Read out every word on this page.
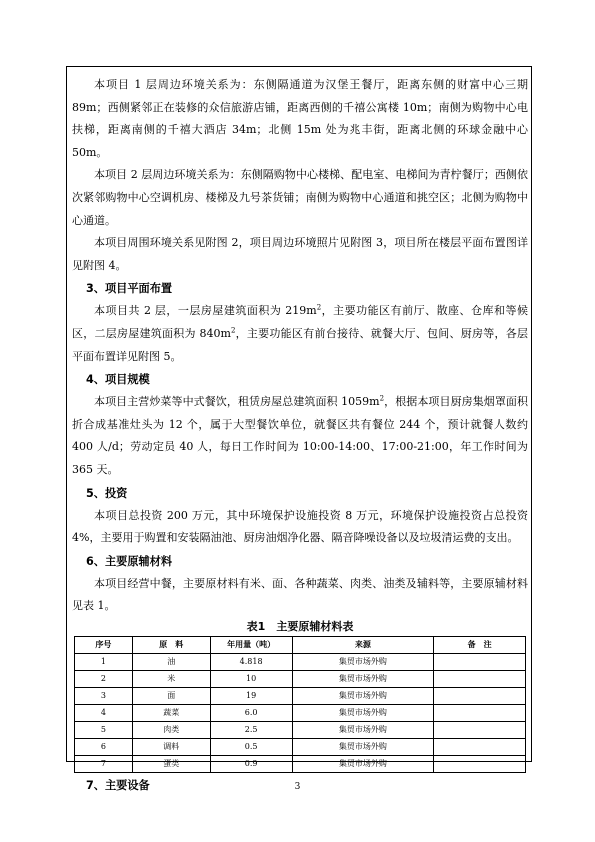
本项目 1 层周边环境关系为：东侧隔通道为汉堡王餐厅，距离东侧的财富中心三期 89m；西侧紧邻正在装修的众信旅游店铺，距离西侧的千禧公寓楼 10m；南侧为购物中心电扶梯，距离南侧的千禧大酒店 34m；北侧 15m 处为兆丰街，距离北侧的环球金融中心 50m。

本项目 2 层周边环境关系为：东侧隔购物中心楼梯、配电室、电梯间为青柠餐厅；西侧依次紧邻购物中心空调机房、楼梯及九号茶货铺；南侧为购物中心通道和挑空区；北侧为购物中心通道。

本项目周围环境关系见附图 2，项目周边环境照片见附图 3，项目所在楼层平面布置图详见附图 4。

3、项目平面布置

本项目共 2 层，一层房屋建筑面积为 $219m^2$，主要功能区有前厅、散座、仓库和等候区，二层房屋建筑面积为 $840m^2$，主要功能区有前台接待、就餐大厅、包间、厨房等，各层平面布置详见附图 5。

4、项目规模

本项目主营炒菜等中式餐饮，租赁房屋总建筑面积 $1059m^2$，根据本项目厨房集烟罩面积折合成基准灶头为 12 个，属于大型餐饮单位，就餐区共有餐位 244 个，预计就餐人数约 400 人/d；劳动定员 40 人，每日工作时间为 10:00-14:00、17:00-21:00，年工作时间为 365 天。

5、投资

本项目总投资 200 万元，其中环境保护设施投资 8 万元，环境保护设施投资占总投资 4%，主要用于购置和安装隔油池、厨房油烟净化器、隔音降噪设备以及垃圾清运费的支出。

6、主要原辅材料

本项目经营中餐，主要原材料有米、面、各种蔬菜、肉类、油类及辅料等，主要原辅材料见表 1。

表1　主要原辅材料表
序号	原　料	年用量（吨）	来源	备　注
1	油	4.818	集贸市场外购	
2	米	10	集贸市场外购	
3	面	19	集贸市场外购	
4	蔬菜	6.0	集贸市场外购	
5	肉类	2.5	集贸市场外购	
6	调料	0.5	集贸市场外购	
7	蛋类	0.9	集贸市场外购	
7、主要设备	3
